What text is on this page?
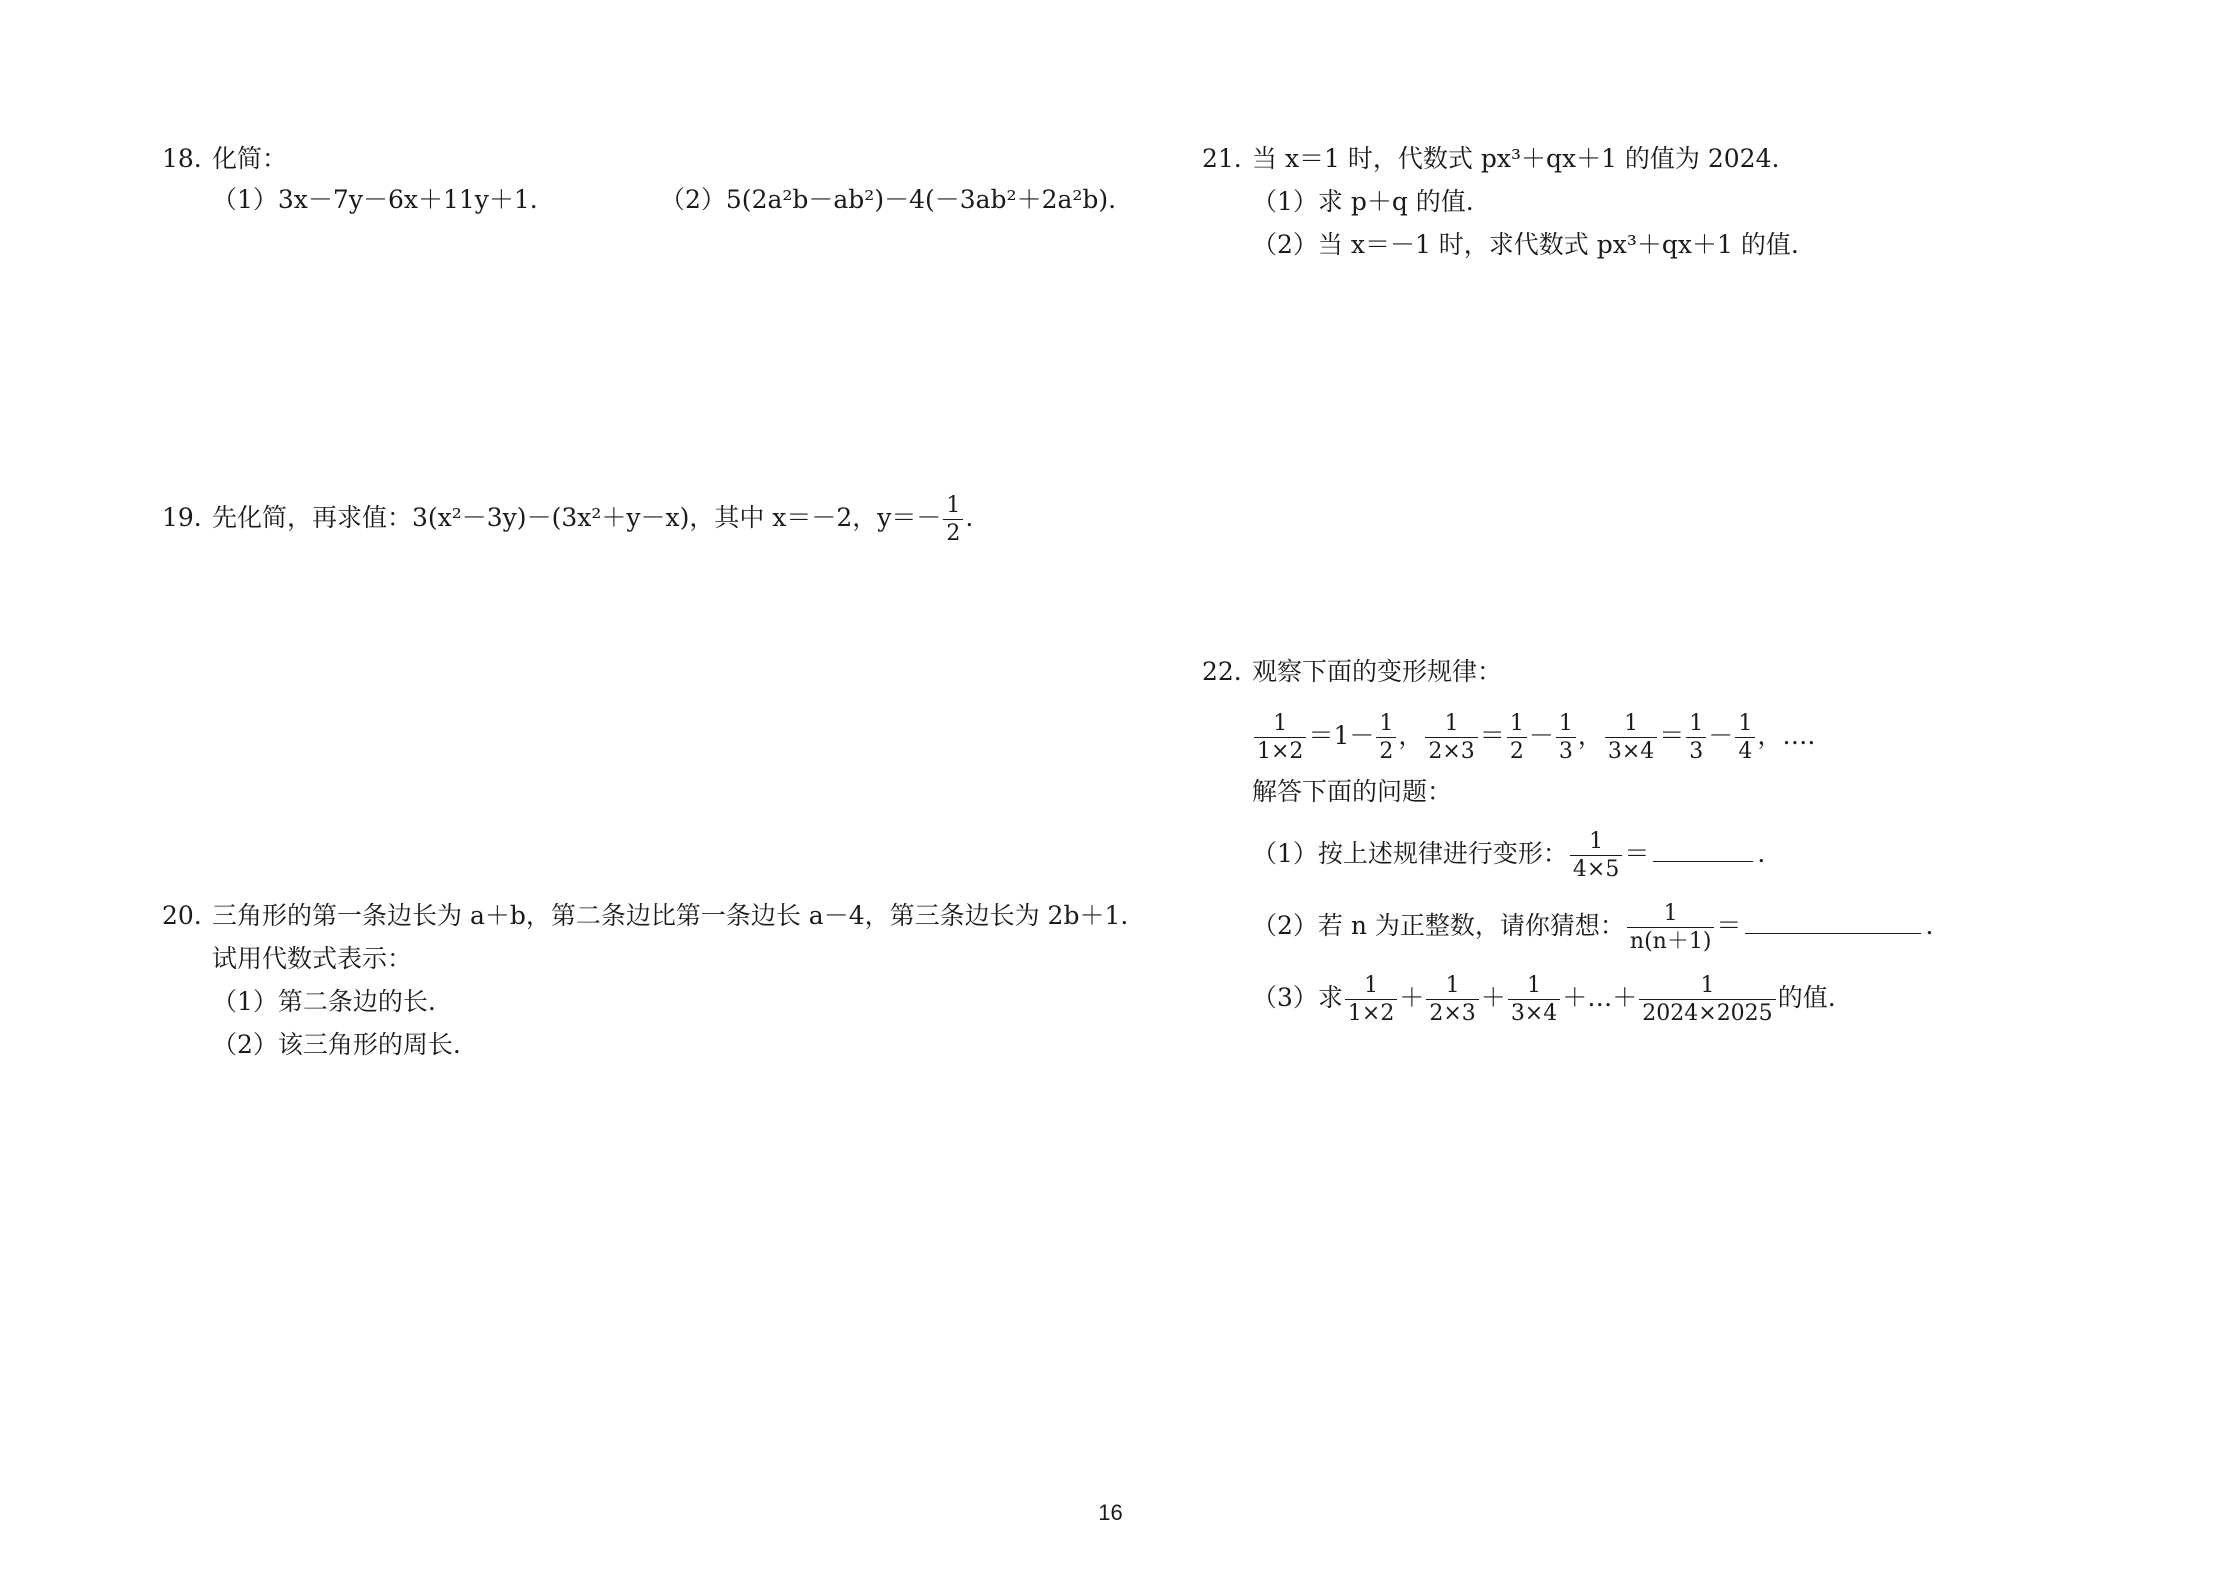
18. 化简：
（1）3x－7y－6x＋11y＋1.	（2）5(2a²b－ab²)－4(－3ab²＋2a²b).
19. 先化简，再求值：3(x²－3y)－(3x²＋y－x)，其中 x＝－2，$y=- \frac{1}{2}$ .
20. 三角形的第一条边长为 a＋b，第二条边比第一条边长 a－4，第三条边长为 2b＋1.
试用代数式表示：
（1）第二条边的长.
（2）该三角形的周长.
21. 当 x＝1 时，代数式 px³＋qx＋1 的值为 2024.
（1）求 p＋q 的值.
（2）当 x＝－1 时，求代数式 px³＋qx＋1 的值.
22. 观察下面的变形规律：
$\frac{1}{1\times 2} =1- \frac{1}{2}$ ， $\frac{1}{2\times 3} = \frac{1}{2} - \frac{1}{3}$ ， $\frac{1}{3\times 4} = \frac{1}{3} - \frac{1}{4}$ ，….
解答下面的问题：
（1）按上述规律进行变形： $\frac{1}{4\times 5}$ ＝	.
（2）若 n 为正整数，请你猜想： $\frac{1}{n(n+1)}$ ＝	.
（3）求 $\frac{1}{1\times 2} + \frac{1}{2\times 3} + \frac{1}{3\times 4}$ ＋…＋ $\frac{1}{2024\times 2025}$ 的值.
16
